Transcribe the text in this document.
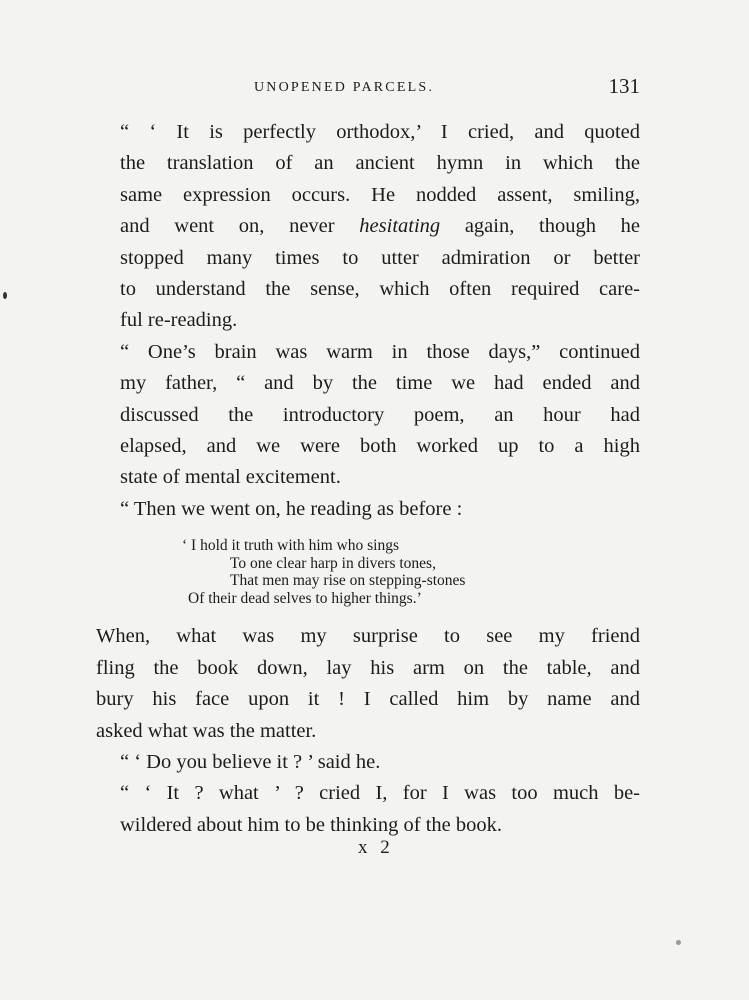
UNOPENED PARCELS.	131

“ ‘ It is perfectly orthodox,’ I cried, and quoted
the translation of an ancient hymn in which the
same expression occurs. He nodded assent, smiling,
and went on, never hesitating again, though he
stopped many times to utter admiration or better
to understand the sense, which often required care-
ful re-reading.

“ One’s brain was warm in those days,” continued
my father, “ and by the time we had ended and
discussed the introductory poem, an hour had
elapsed, and we were both worked up to a high
state of mental excitement.

“ Then we went on, he reading as before :

‘ I hold it truth with him who sings
To one clear harp in divers tones,
That men may rise on stepping-stones
Of their dead selves to higher things.’

When, what was my surprise to see my friend
fling the book down, lay his arm on the table, and
bury his face upon it ! I called him by name and
asked what was the matter.

“ ‘ Do you believe it ? ’ said he.

“ ‘ It ? what ’ ? cried I, for I was too much be-
wildered about him to be thinking of the book.

x 2
